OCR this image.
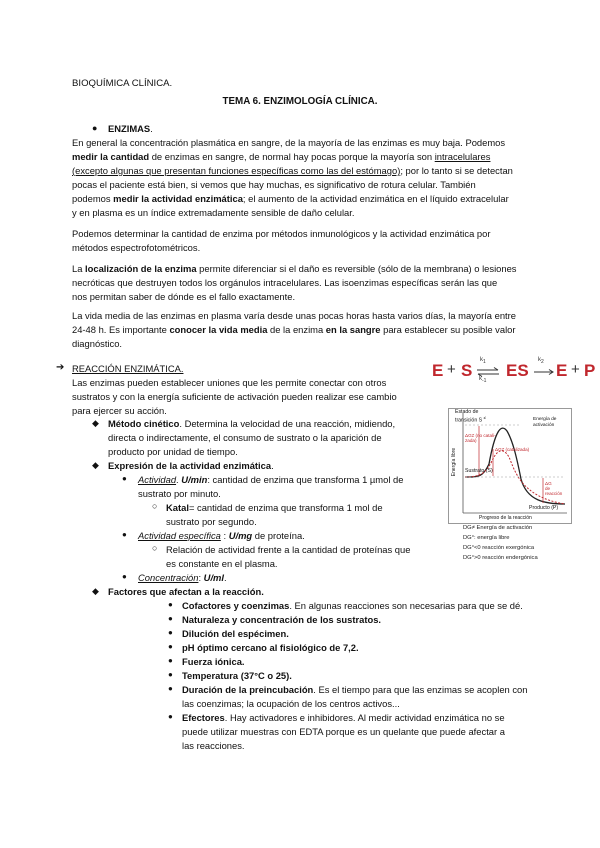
BIOQUÍMICA CLÍNICA.
TEMA 6. ENZIMOLOGÍA CLÍNICA.
● ENZIMAS.
En general la concentración plasmática en sangre, de la mayoría de las enzimas es muy baja. Podemos
medir la cantidad de enzimas en sangre, de normal hay pocas porque la mayoría son intracelulares
(excepto algunas que presentan funciones específicas como las del estómago); por lo tanto si se detectan
pocas el paciente está bien, si vemos que hay muchas, es significativo de rotura celular. También
podemos medir la actividad enzimática; el aumento de la actividad enzimática en el líquido extracelular
y en plasma es un índice extremadamente sensible de daño celular.
Podemos determinar la cantidad de enzima por métodos inmunológicos y la actividad enzimática por
métodos espectrofotométricos.
La localización de la enzima permite diferenciar si el daño es reversible (sólo de la membrana) o lesiones
necróticas que destruyen todos los orgánulos intracelulares. Las isoenzimas específicas serán las que
nos permitan saber de dónde es el fallo exactamente.
La vida media de las enzimas en plasma varía desde unas pocas horas hasta varios días, la mayoría entre
24-48 h. Es importante conocer la vida media de la enzima en la sangre para establecer su posible valor
diagnóstico.
➔ REACCIÓN ENZIMÁTICA.
Las enzimas pueden establecer uniones que les permite conectar con otros
sustratos y con la energía suficiente de activación pueden realizar ese cambio
para ejercer su acción.
◆ Método cinético. Determina la velocidad de una reacción, midiendo,
directa o indirectamente, el consumo de sustrato o la aparición de
producto por unidad de tiempo.
◆ Expresión de la actividad enzimática.
● Actividad. U/min: cantidad de enzima que transforma 1 µmol de
sustrato por minuto.
○ Katal= cantidad de enzima que transforma 1 mol de
sustrato por segundo.
● Actividad específica : U/mg de proteína.
○ Relación de actividad frente a la cantidad de proteínas que
es constante en el plasma.
● Concentración: U/ml.
◆ Factores que afectan a la reacción.
● Cofactores y coenzimas. En algunas reacciones son necesarias para que se dé.
● Naturaleza y concentración de los sustratos.
● Dilución del espécimen.
● pH óptimo cercano al fisiológico de 7,2.
● Fuerza iónica.
● Temperatura (37°C o 25).
● Duración de la preincubación. Es el tiempo para que las enzimas se acoplen con
las coenzimas; la ocupación de los centros activos...
● Efectores. Hay activadores e inhibidores. Al medir actividad enzimática no se
puede utilizar muestras con EDTA porque es un quelante que puede afectar a
las reacciones.
E + S
$k_1$
$k_{-1}$
ES
$k_2$ E + P
Estado de
transición S ≠	Energía de
activación
ΔG≠ (no catali-
zada)
ΔG≠ (catalizada)
Sustrato (S)
ΔG
de
reacción
Producto (P)
Energía libre
Progreso de la reacción
DG≠ Energía de activación
DG°: energía libre
DG°<0 reacción exergónica
DG°>0 reacción endergónica
